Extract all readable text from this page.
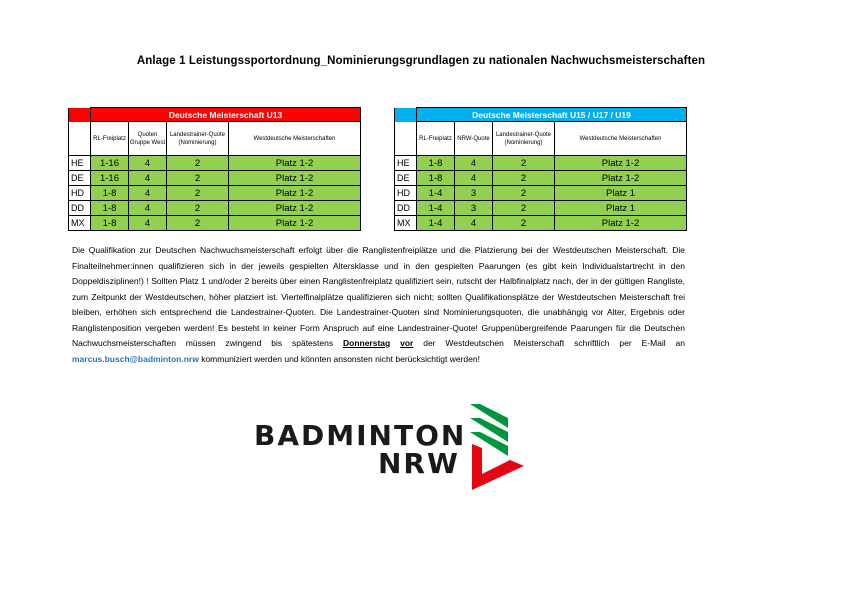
Anlage 1 Leistungssportordnung_Nominierungsgrundlagen zu nationalen Nachwuchsmeisterschaften
	Deutsche Meisterschaft U13			
	RL-Freiplatz	Quoten Gruppe West	Landestrainer-Quote (Nominierung)	Westdeutsche Meisterschaften
HE	1-16	4	2	Platz 1-2
DE	1-16	4	2	Platz 1-2
HD	1-8	4	2	Platz 1-2
DD	1-8	4	2	Platz 1-2
MX	1-8	4	2	Platz 1-2
	Deutsche Meisterschaft U15 / U17 / U19			
	RL-Freiplatz	NRW-Quote	Landestrainer-Quote (Nominierung)	Westdeutsche Meisterschaften
HE	1-8	4	2	Platz 1-2
DE	1-8	4	2	Platz 1-2
HD	1-4	3	2	Platz 1
DD	1-4	3	2	Platz 1
MX	1-4	4	2	Platz 1-2
Die Qualifikation zur Deutschen Nachwuchsmeisterschaft erfolgt über die Ranglistenfreiplätze und die Platzierung bei der Westdeutschen Meisterschaft. Die Finalteilnehmer:innen qualifizieren sich in der jeweils gespielten Altersklasse und in den gespielten Paarungen (es gibt kein Individualstartrecht in den Doppeldisziplinen!) ! Sollten Platz 1 und/oder 2 bereits über einen Ranglistenfreiplatz qualifiziert sein, rutscht der Halbfinalplatz nach, der in der gültigen Rangliste, zum Zeitpunkt der Westdeutschen, höher platziert ist. Viertelfinalplätze qualifizieren sich nicht; sollten Qualifikationsplätze der Westdeutschen Meisterschaft frei bleiben, erhöhen sich entsprechend die Landestrainer-Quoten. Die Landestrainer-Quoten sind Nominierungsquoten, die unabhängig vor Alter, Ergebnis oder Ranglistenposition vergeben werden! Es besteht in keiner Form Anspruch auf eine Landestrainer-Quote! Gruppenübergreifende Paarungen für die Deutschen Nachwuchsmeisterschaften müssen zwingend bis spätestens Donnerstag vor der Westdeutschen Meisterschaft schriftlich per E-Mail an marcus.busch@badminton.nrw kommuniziert werden und könnten ansonsten nicht berücksichtigt werden!
BADMINTON
NRW
